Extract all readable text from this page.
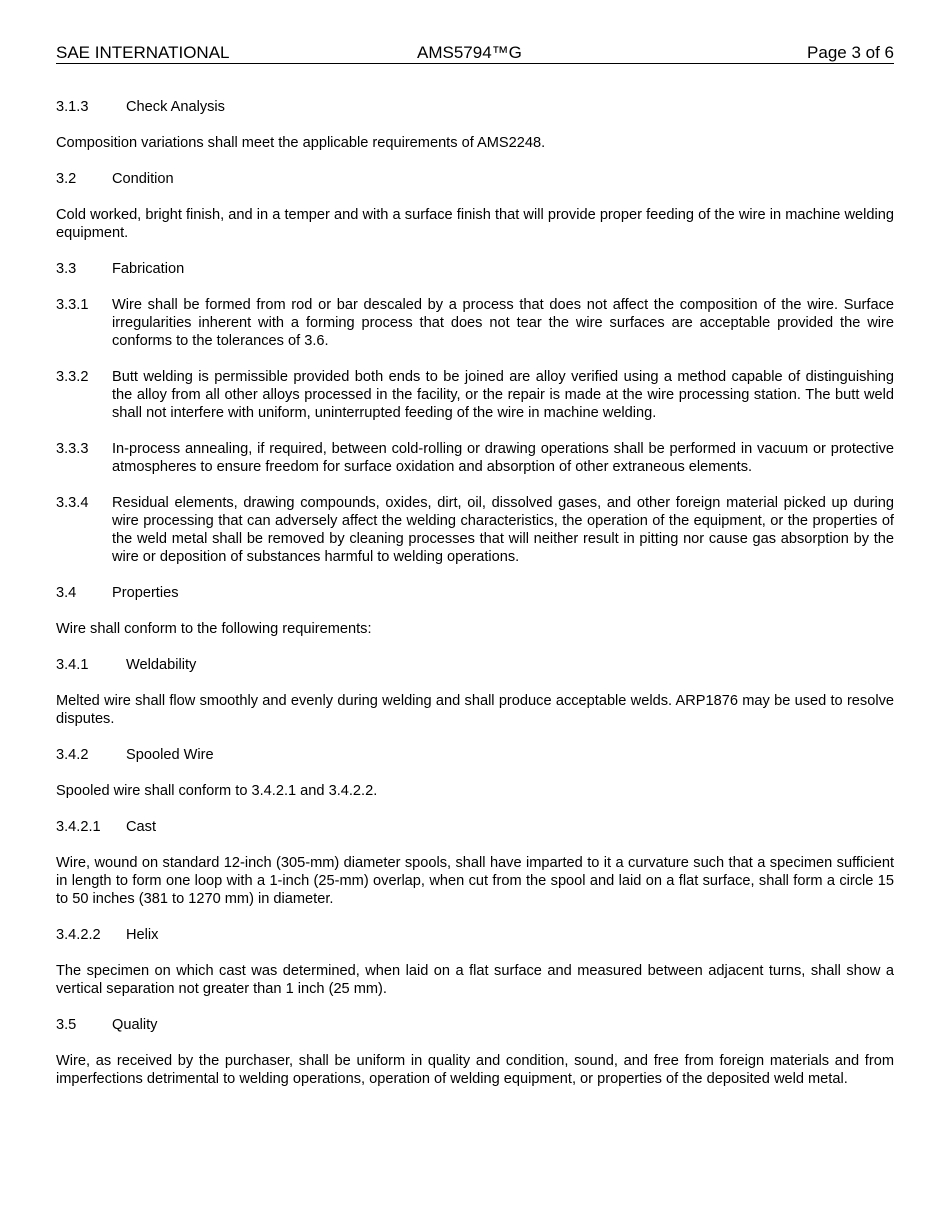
SAE INTERNATIONAL	AMS5794™G	Page 3 of 6
3.1.3	Check Analysis

Composition variations shall meet the applicable requirements of AMS2248.

3.2 Condition

Cold worked, bright finish, and in a temper and with a surface finish that will provide proper feeding of the wire in machine welding equipment.

3.3 Fabrication
3.3.1	Wire shall be formed from rod or bar descaled by a process that does not affect the composition of the wire. Surface irregularities inherent with a forming process that does not tear the wire surfaces are acceptable provided the wire conforms to the tolerances of 3.6.
3.3.2	Butt welding is permissible provided both ends to be joined are alloy verified using a method capable of distinguishing the alloy from all other alloys processed in the facility, or the repair is made at the wire processing station. The butt weld shall not interfere with uniform, uninterrupted feeding of the wire in machine welding.
3.3.3	In-process annealing, if required, between cold-rolling or drawing operations shall be performed in vacuum or protective atmospheres to ensure freedom for surface oxidation and absorption of other extraneous elements.
3.3.4	Residual elements, drawing compounds, oxides, dirt, oil, dissolved gases, and other foreign material picked up during wire processing that can adversely affect the welding characteristics, the operation of the equipment, or the properties of the weld metal shall be removed by cleaning processes that will neither result in pitting nor cause gas absorption by the wire or deposition of substances harmful to welding operations.
3.4 Properties

Wire shall conform to the following requirements:

3.4.1	Weldability

Melted wire shall flow smoothly and evenly during welding and shall produce acceptable welds. ARP1876 may be used to resolve disputes.

3.4.2	Spooled Wire

Spooled wire shall conform to 3.4.2.1 and 3.4.2.2.

3.4.2.1 Cast

Wire, wound on standard 12-inch (305-mm) diameter spools, shall have imparted to it a curvature such that a specimen sufficient in length to form one loop with a 1-inch (25-mm) overlap, when cut from the spool and laid on a flat surface, shall form a circle 15 to 50 inches (381 to 1270 mm) in diameter.

3.4.2.2 Helix

The specimen on which cast was determined, when laid on a flat surface and measured between adjacent turns, shall show a vertical separation not greater than 1 inch (25 mm).

3.5 Quality

Wire, as received by the purchaser, shall be uniform in quality and condition, sound, and free from foreign materials and from imperfections detrimental to welding operations, operation of welding equipment, or properties of the deposited weld metal.
